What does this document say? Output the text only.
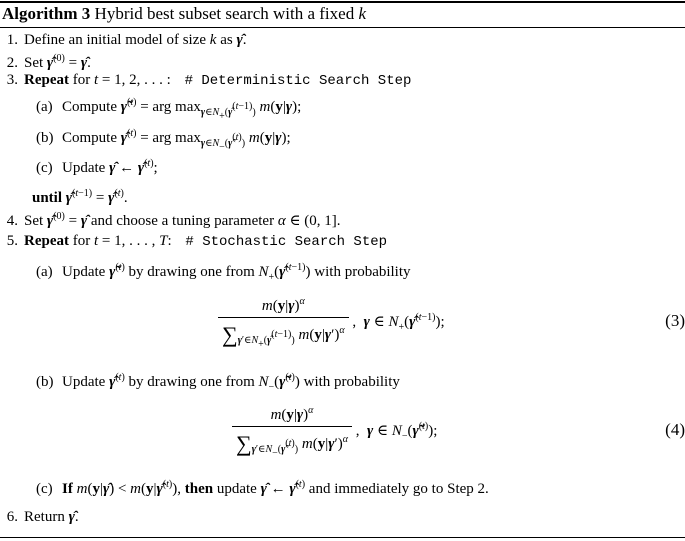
Algorithm 3 Hybrid best subset search with a fixed k
1. Define an initial model of size k as γ̂.
2. Set γ̂$^{(0)}$ = γ̂.
3. Repeat for t = 1, 2, . . . : # Deterministic Search Step
(a) Compute γ̃$^{(t)}$ = arg $\max_{\gamma\in N_+(\gammâ^{(t-1)})} m(y|\gamma)$;
(b) Compute γ̂$^{(t)}$ = arg $\max_{\gamma\in N_-(\gammã^{(t)})} m(y|\gamma)$;
(c) Update γ̂ ← γ̂$^{(t)}$;
until γ̂$^{(t-1)}$ = γ̂$^{(t)}$.
4. Set γ̂$^{(0)}$ = γ̂ and choose a tuning parameter α ∈ (0, 1].
5. Repeat for t = 1, . . . , T: # Stochastic Search Step
(a) Update γ̃$^{(t)}$ by drawing one from $N_+(\gammâ^{(t-1)})$ with probability
$\frac{m(y|\gamma)^\alpha}{\sum_{\gamma'\in N_+(\gammâ^{(t-1)})} m(y|\gamma')^\alpha}$ ,  γ ∈ $N_+(\gammâ^{(t-1)})$;	(3)
(b) Update γ̂$^{(t)}$ by drawing one from $N_-(\gammã^{(t)})$ with probability
$\frac{m(y|\gamma)^\alpha}{\sum_{\gamma'\in N_-(\gammã^{(t)})} m(y|\gamma')^\alpha}$ ,  γ ∈ $N_-(\gammã^{(t)})$;	(4)
(c) If m(y|γ̂) < m(y|γ̂$^{(t)}$), then update γ̂ ← γ̂$^{(t)}$ and immediately go to Step 2.
6. Return γ̂.
